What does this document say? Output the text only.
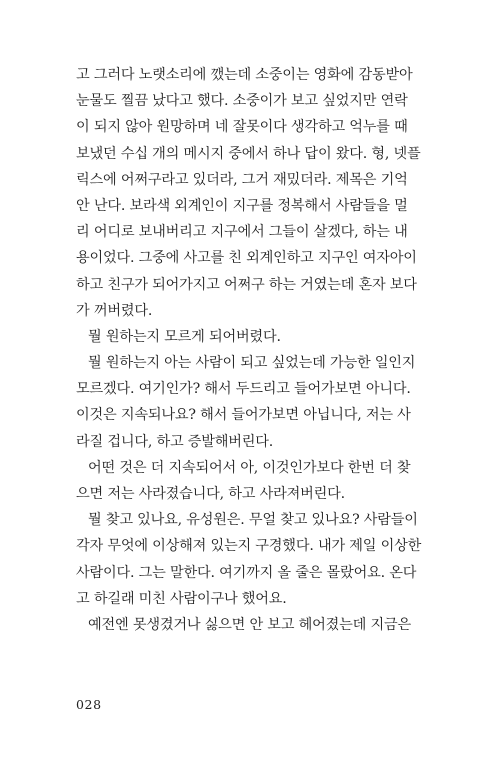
고 그러다 노랫소리에 깼는데 소중이는 영화에 감동받아
눈물도 찔끔 났다고 했다. 소중이가 보고 싶었지만 연락
이 되지 않아 원망하며 네 잘못이다 생각하고 억누를 때
보냈던 수십 개의 메시지 중에서 하나 답이 왔다. 형, 넷플
릭스에 어쩌구라고 있더라, 그거 재밌더라. 제목은 기억
안 난다. 보라색 외계인이 지구를 정복해서 사람들을 멀
리 어디로 보내버리고 지구에서 그들이 살겠다, 하는 내
용이었다. 그중에 사고를 친 외계인하고 지구인 여자아이
하고 친구가 되어가지고 어쩌구 하는 거였는데 혼자 보다
가 꺼버렸다.
뭘 원하는지 모르게 되어버렸다.
뭘 원하는지 아는 사람이 되고 싶었는데 가능한 일인지
모르겠다. 여기인가? 해서 두드리고 들어가보면 아니다.
이것은 지속되나요? 해서 들어가보면 아닙니다, 저는 사
라질 겁니다, 하고 증발해버린다.
어떤 것은 더 지속되어서 아, 이것인가보다 한번 더 찾
으면 저는 사라졌습니다, 하고 사라져버린다.
뭘 찾고 있나요, 유성원은. 무얼 찾고 있나요? 사람들이
각자 무엇에 이상해져 있는지 구경했다. 내가 제일 이상한
사람이다. 그는 말한다. 여기까지 올 줄은 몰랐어요. 온다
고 하길래 미친 사람이구나 했어요.
예전엔 못생겼거나 싫으면 안 보고 헤어졌는데 지금은
028
